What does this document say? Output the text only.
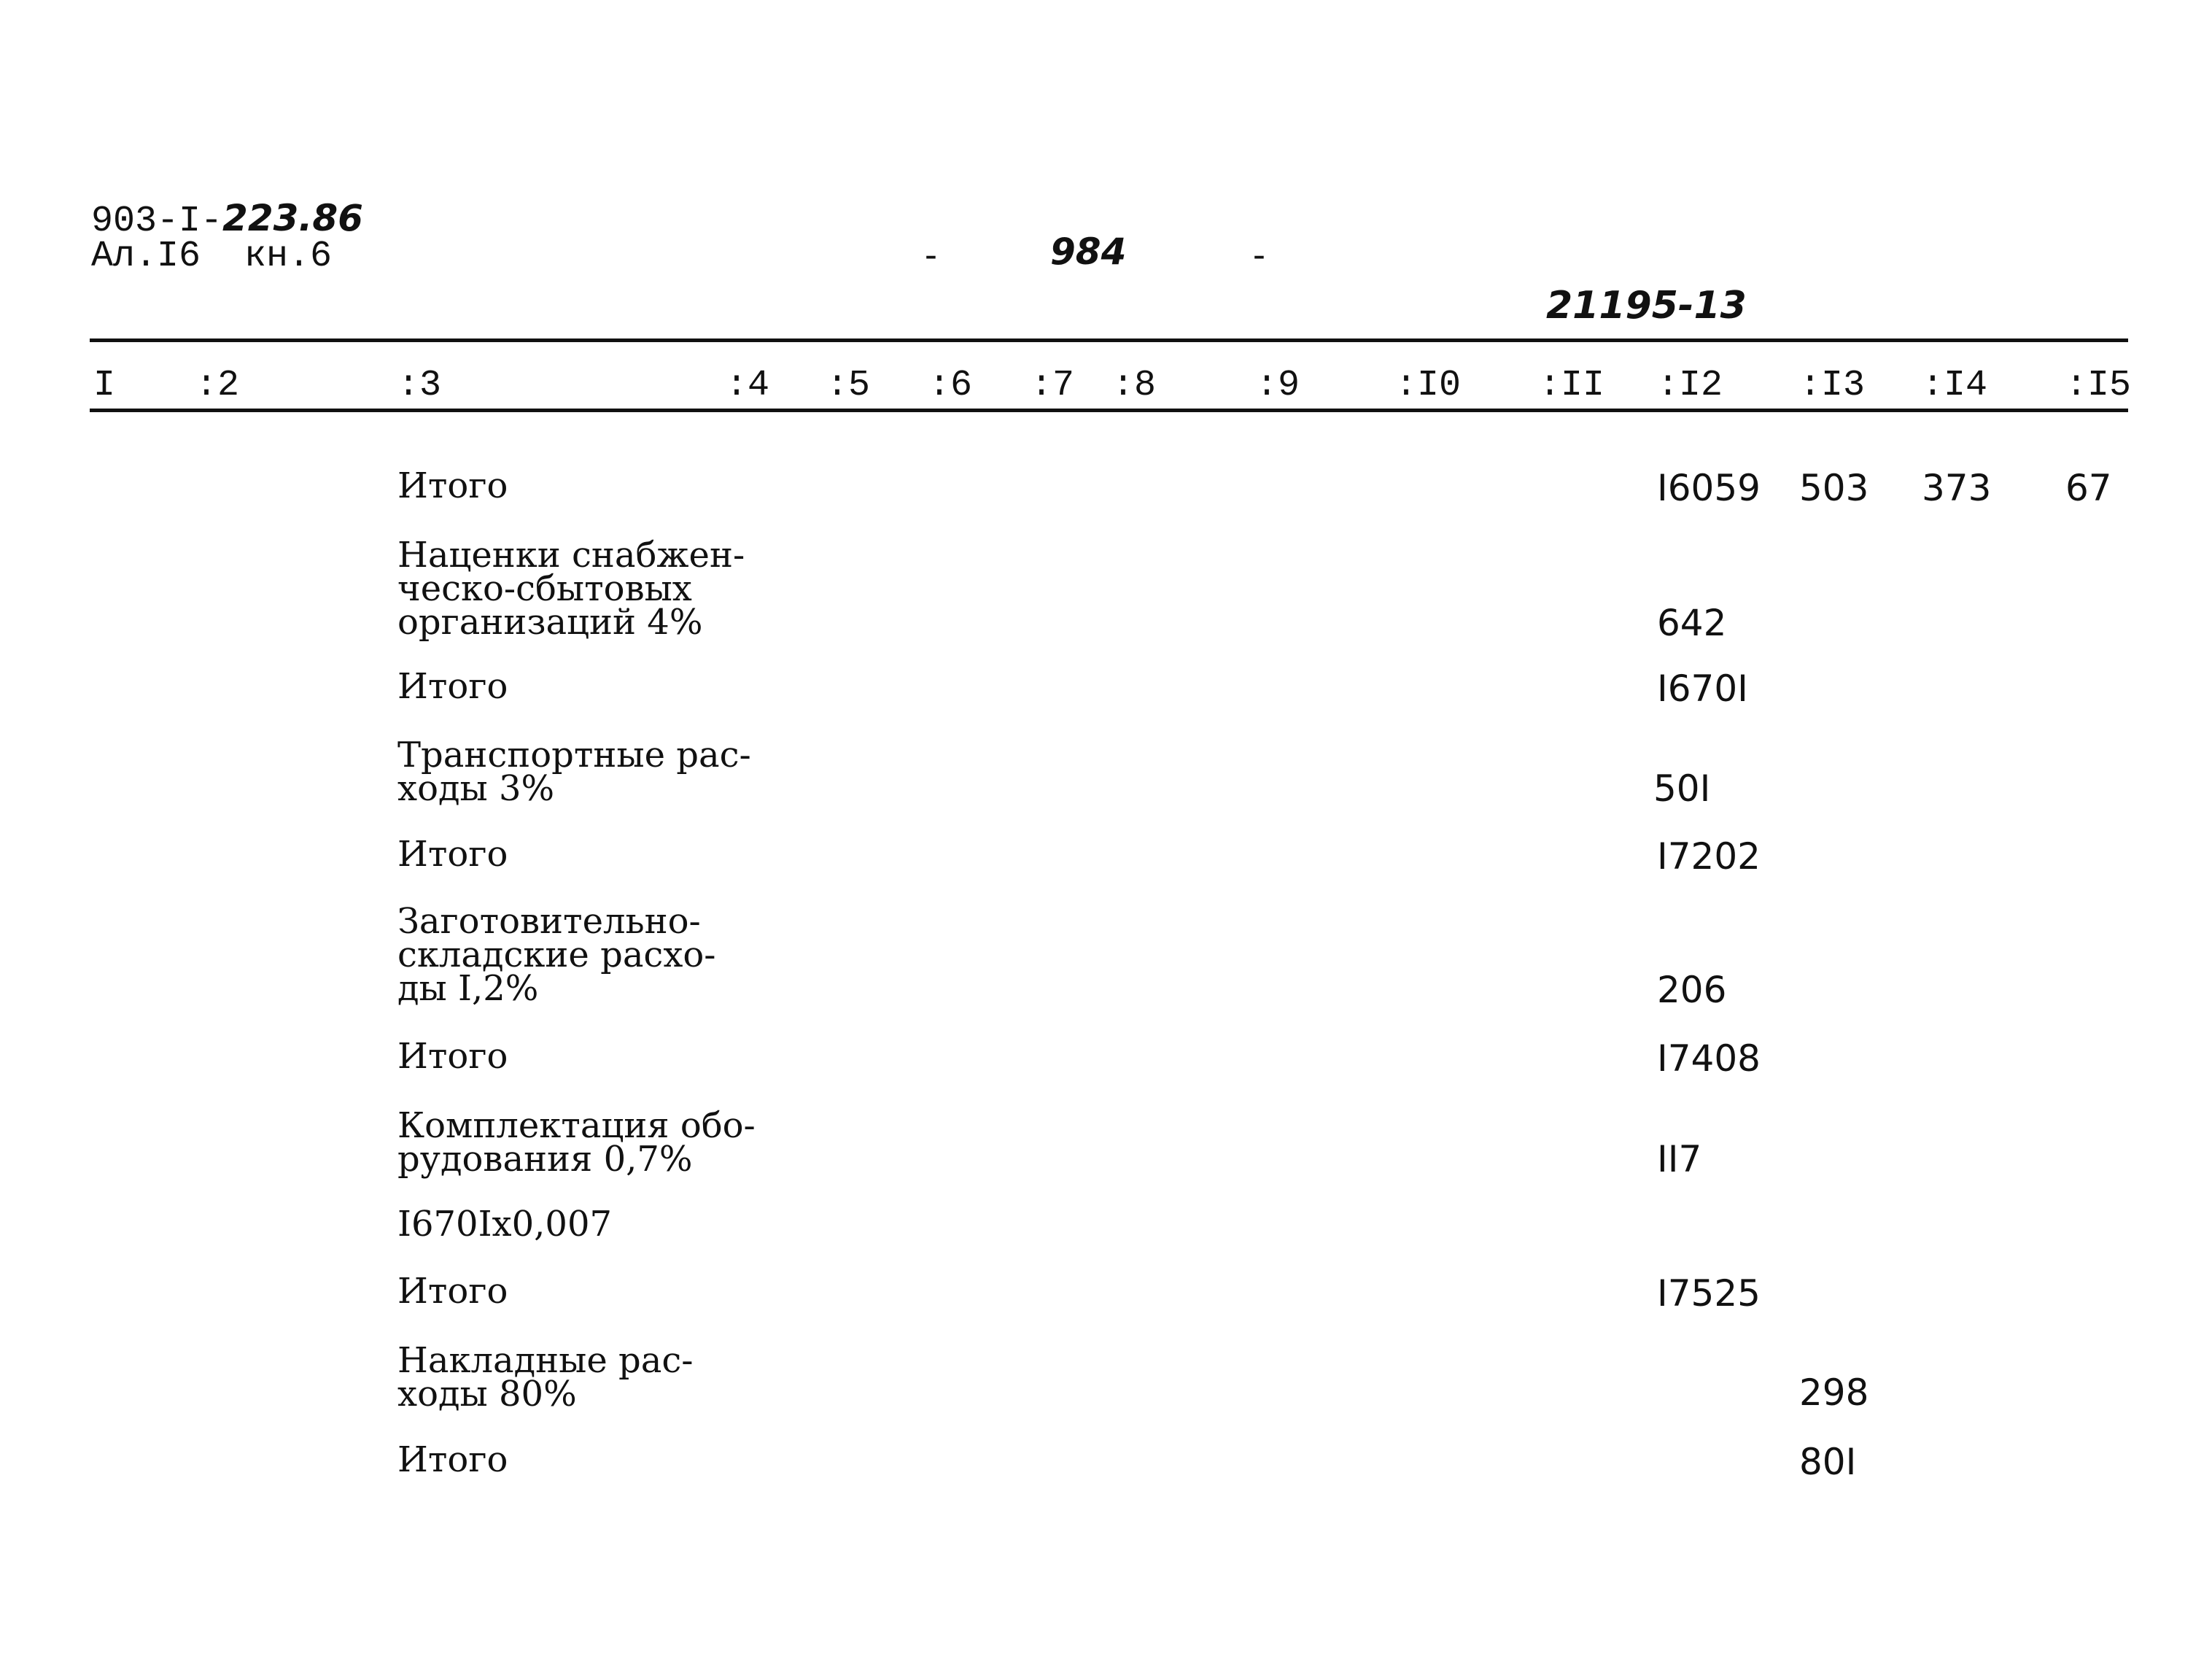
903-I-223.86
Ал.I6  кн.6	-	984	-
21195-13
I :2	:3	:4 :5 :6 :7 :8	:9	:I0 :II :I2 :I3 :I4 :I5
Итого	I6059 503 373 67
Наценки снабжен-
ческо-сбытовых
организаций 4%	642
Итого	I670I
Транспортные рас-
ходы 3%	50I
Итого	I7202
Заготовительно-
складские расхо-
ды I,2%	206
Итого	I7408
Комплектация обо-
рудования 0,7%	II7
I670Ix0,007
Итого	I7525
Накладные рас-
ходы 80%	298
Итого	80I
